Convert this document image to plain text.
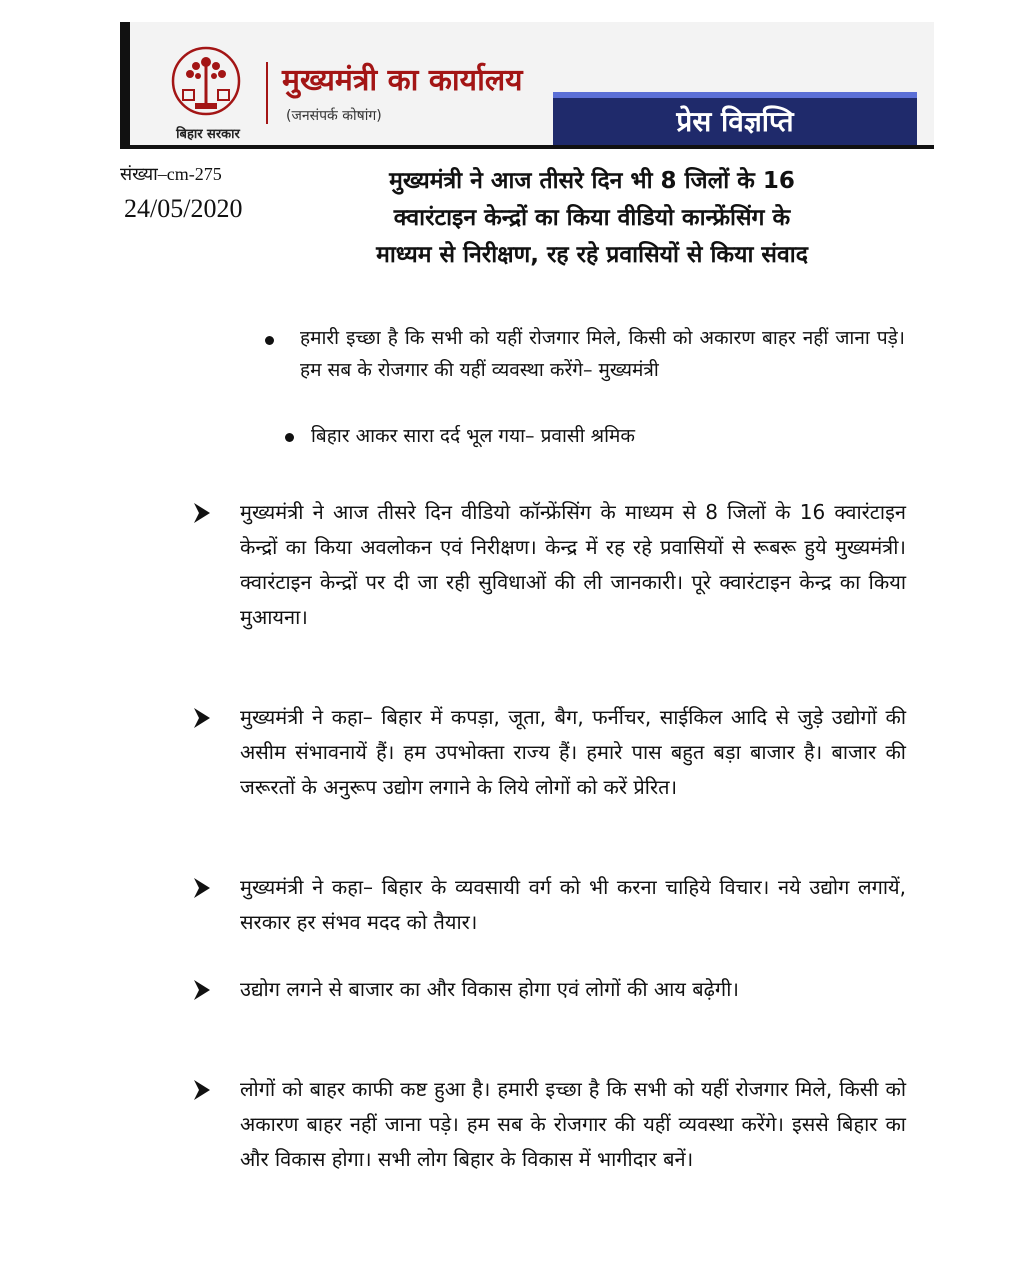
बिहार सरकार
मुख्यमंत्री का कार्यालय
(जनसंपर्क कोषांग)	प्रेस विज्ञप्ति
संख्या–cm-275
24/05/2020
मुख्यमंत्री ने आज तीसरे दिन भी 8 जिलों के 16
क्वारंटाइन केन्द्रों का किया वीडियो कान्फ्रेंसिंग के
माध्यम से निरीक्षण, रह रहे प्रवासियों से किया संवाद
हमारी इच्छा है कि सभी को यहीं रोजगार मिले, किसी को अकारण बाहर नहीं जाना पड़े। हम सब के रोजगार की यहीं व्यवस्था करेंगे– मुख्यमंत्री
बिहार आकर सारा दर्द भूल गया– प्रवासी श्रमिक
मुख्यमंत्री ने आज तीसरे दिन वीडियो कॉन्फ्रेंसिंग के माध्यम से 8 जिलों के 16 क्वारंटाइन केन्द्रों का किया अवलोकन एवं निरीक्षण। केन्द्र में रह रहे प्रवासियों से रूबरू हुये मुख्यमंत्री। क्वारंटाइन केन्द्रों पर दी जा रही सुविधाओं की ली जानकारी। पूरे क्वारंटाइन केन्द्र का किया मुआयना।
मुख्यमंत्री ने कहा– बिहार में कपड़ा, जूता, बैग, फर्नीचर, साईकिल आदि से जुड़े उद्योगों की असीम संभावनायें हैं। हम उपभोक्ता राज्य हैं। हमारे पास बहुत बड़ा बाजार है। बाजार की जरूरतों के अनुरूप उद्योग लगाने के लिये लोगों को करें प्रेरित।
मुख्यमंत्री ने कहा– बिहार के व्यवसायी वर्ग को भी करना चाहिये विचार। नये उद्योग लगायें, सरकार हर संभव मदद को तैयार।
उद्योग लगने से बाजार का और विकास होगा एवं लोगों की आय बढ़ेगी।
लोगों को बाहर काफी कष्ट हुआ है। हमारी इच्छा है कि सभी को यहीं रोजगार मिले, किसी को अकारण बाहर नहीं जाना पड़े। हम सब के रोजगार की यहीं व्यवस्था करेंगे। इससे बिहार का और विकास होगा। सभी लोग बिहार के विकास में भागीदार बनें।
